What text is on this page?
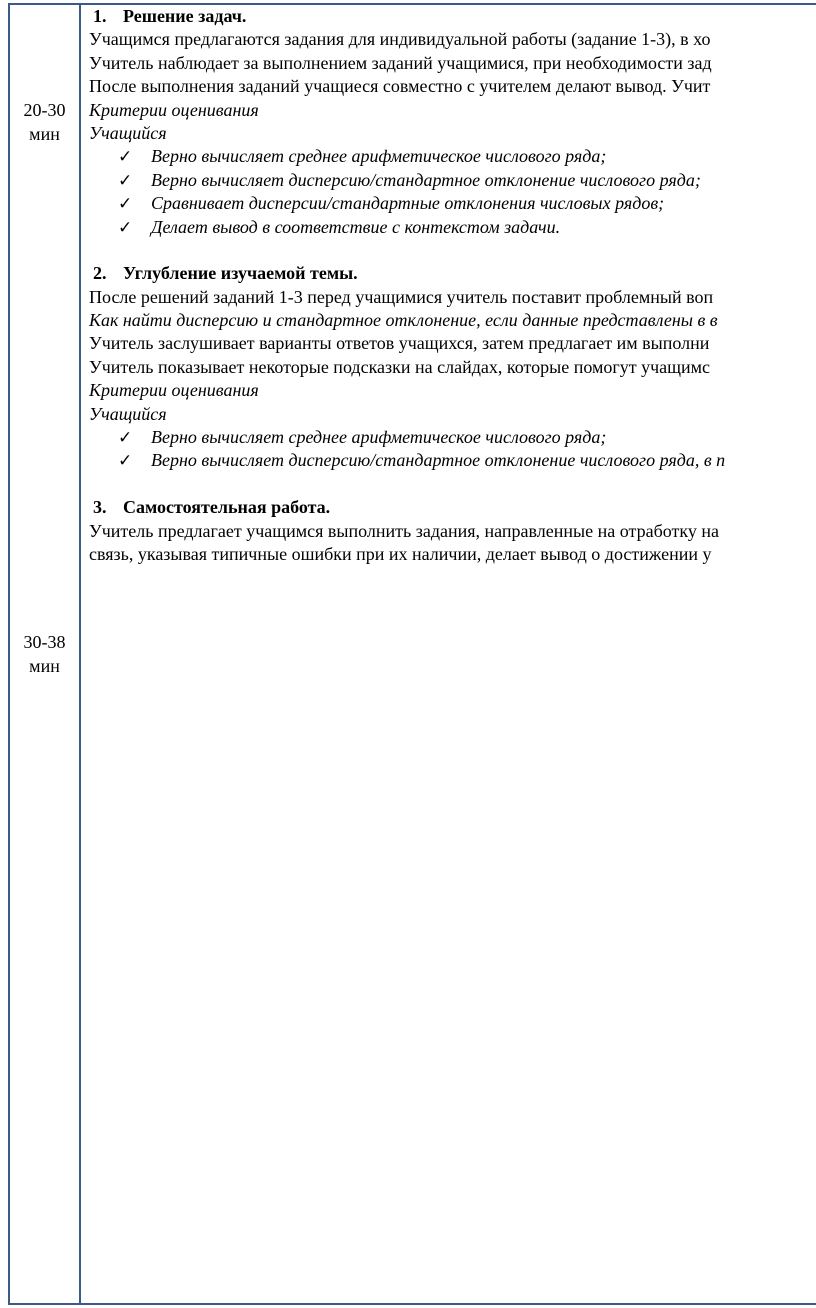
20-30
мин
30-38
мин
1. Решение задач.
Учащимся предлагаются задания для индивидуальной работы (задание 1-3), в хо
Учитель наблюдает за выполнением заданий учащимися, при необходимости зад
После выполнения заданий учащиеся совместно с учителем делают вывод. Учит
Критерии оценивания
Учащийся
✓ Верно вычисляет среднее арифметическое числового ряда;
✓ Верно вычисляет дисперсию/стандартное отклонение числового ряда;
✓ Сравнивает дисперсии/стандартные отклонения числовых рядов;
✓ Делает вывод в соответствие с контекстом задачи.
2. Углубление изучаемой темы.
После решений заданий 1-3 перед учащимися учитель поставит проблемный воп
Как найти дисперсию и стандартное отклонение, если данные представлены в в
Учитель заслушивает варианты ответов учащихся, затем предлагает им выполни
Учитель показывает некоторые подсказки на слайдах, которые помогут учащимс
Критерии оценивания
Учащийся
✓ Верно вычисляет среднее арифметическое числового ряда;
✓ Верно вычисляет дисперсию/стандартное отклонение числового ряда, в п
3. Самостоятельная работа.
Учитель предлагает учащимся выполнить задания, направленные на отработку на
связь, указывая типичные ошибки при их наличии, делает вывод о достижении у
